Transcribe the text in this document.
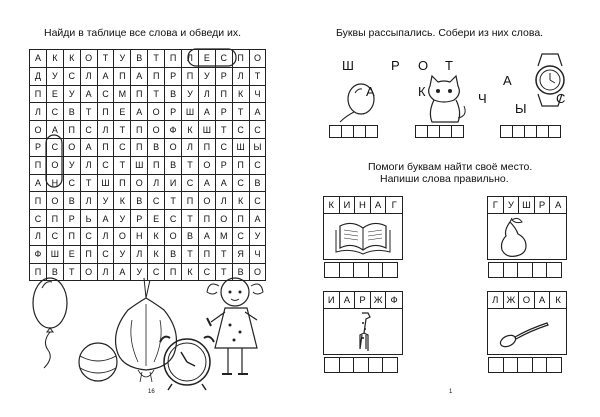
Найди в таблице все слова и обведи их.
А	К	К	О	Т	У	В	Т	П	Л	Е	С	П	О
Д	У	С	Л	А	П	А	П	Р	П	У	Р	Л	Т
П	Е	У	А	С	М	П	Т	В	У	Л	П	К	Ч
Л	С	В	Т	П	Е	А	О	Р	Ш	А	Р	Т	А
О	А	П	С	Л	Т	П	О	Ф	К	Ш	Т	С	С
Р	С	О	А	П	С	П	В	О	Л	П	С	Ш	Ы
П	О	У	Л	С	Т	Ш	П	В	Т	О	Р	П	С
А	Н	С	Т	Ш	П	О	Л	И	С	А	А	С	В
П	О	В	Л	У	К	В	С	Т	П	О	Л	К	С
С	П	Р	Ь	А	У	Р	Е	С	Т	П	О	П	А
Л	С	П	С	Л	О	Н	К	О	В	А	М	С	У
Ф	Ш	Е	П	С	У	Л	К	В	Т	П	Т	Я	Ч
П	В	Т	О	Л	А	У	С	П	К	С	Т	В	О
16
Буквы рассыпались. Собери из них слова.
Ш
А
Р О
К
Т
Ч
А
Ы
С
Помоги буквам найти своё место.
Напиши слова правильно.
К И Н А	Г	Г	У Ш Р	А
И А Р Ж Ф	Л Ж О А	К
1
